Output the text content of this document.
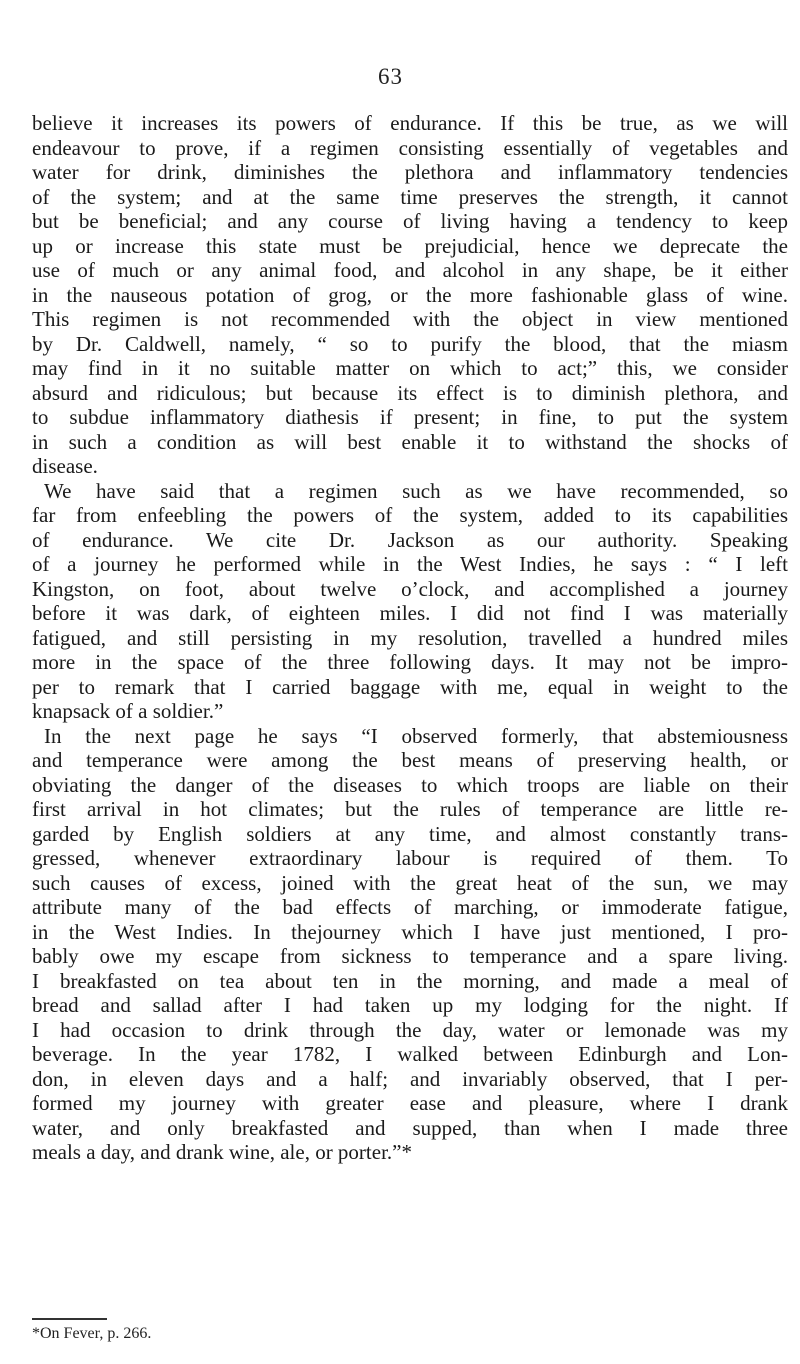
63
believe it increases its powers of endurance. If this be true, as we will
endeavour to prove, if a regimen consisting essentially of vegetables and
water for drink, diminishes the plethora and inflammatory tendencies
of the system; and at the same time preserves the strength, it cannot
but be beneficial; and any course of living having a tendency to keep
up or increase this state must be prejudicial, hence we deprecate the
use of much or any animal food, and alcohol in any shape, be it either
in the nauseous potation of grog, or the more fashionable glass of wine.
This regimen is not recommended with the object in view mentioned
by Dr. Caldwell, namely, “ so to purify the blood, that the miasm
may find in it no suitable matter on which to act;” this, we consider
absurd and ridiculous; but because its effect is to diminish plethora, and
to subdue inflammatory diathesis if present; in fine, to put the system
in such a condition as will best enable it to withstand the shocks of
disease.
We have said that a regimen such as we have recommended, so
far from enfeebling the powers of the system, added to its capabilities
of endurance. We cite Dr. Jackson as our authority. Speaking
of a journey he performed while in the West Indies, he says : “ I left
Kingston, on foot, about twelve o’clock, and accomplished a journey
before it was dark, of eighteen miles. I did not find I was materially
fatigued, and still persisting in my resolution, travelled a hundred miles
more in the space of the three following days. It may not be impro-
per to remark that I carried baggage with me, equal in weight to the
knapsack of a soldier.”
In the next page he says “I observed formerly, that abstemiousness
and temperance were among the best means of preserving health, or
obviating the danger of the diseases to which troops are liable on their
first arrival in hot climates; but the rules of temperance are little re-
garded by English soldiers at any time, and almost constantly trans-
gressed, whenever extraordinary labour is required of them. To
such causes of excess, joined with the great heat of the sun, we may
attribute many of the bad effects of marching, or immoderate fatigue,
in the West Indies. In thejourney which I have just mentioned, I pro-
bably owe my escape from sickness to temperance and a spare living.
I breakfasted on tea about ten in the morning, and made a meal of
bread and sallad after I had taken up my lodging for the night. If
I had occasion to drink through the day, water or lemonade was my
beverage. In the year 1782, I walked between Edinburgh and Lon-
don, in eleven days and a half; and invariably observed, that I per-
formed my journey with greater ease and pleasure, where I drank
water, and only breakfasted and supped, than when I made three
meals a day, and drank wine, ale, or porter.”*
*On Fever, p. 266.
